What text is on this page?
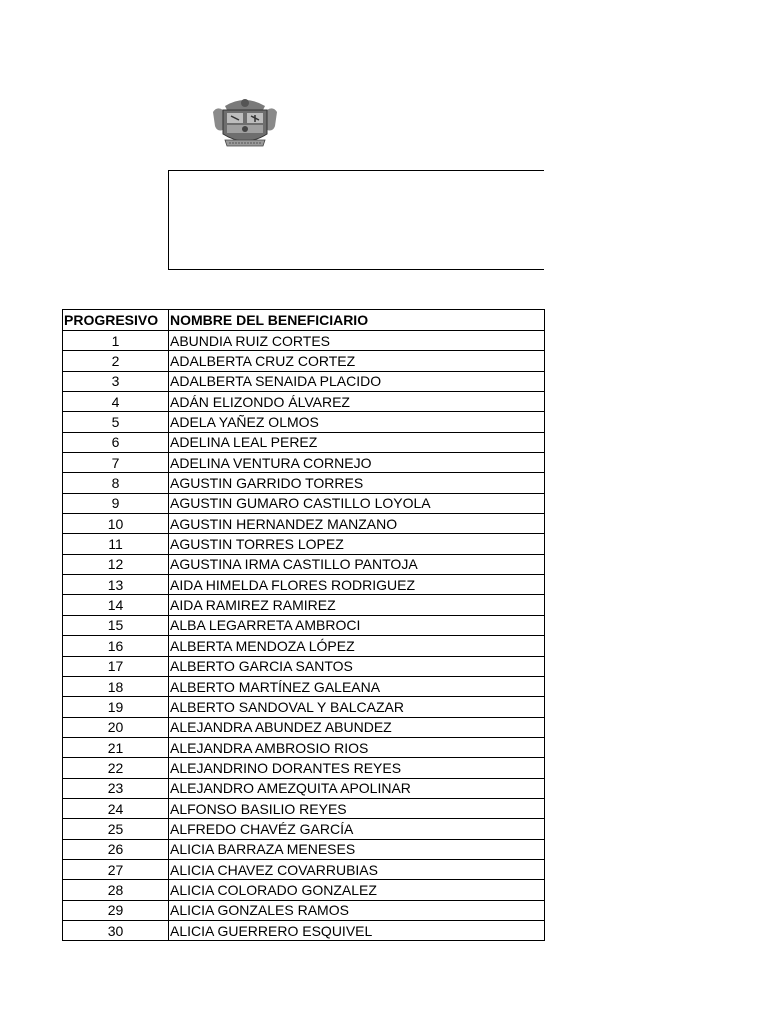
PROGRESIVO	NOMBRE DEL BENEFICIARIO
1	ABUNDIA RUIZ CORTES
2	ADALBERTA CRUZ CORTEZ
3	ADALBERTA SENAIDA PLACIDO
4	ADÁN ELIZONDO ÁLVAREZ
5	ADELA YAÑEZ OLMOS
6	ADELINA LEAL PEREZ
7	ADELINA VENTURA CORNEJO
8	AGUSTIN GARRIDO TORRES
9	AGUSTIN GUMARO CASTILLO LOYOLA
10	AGUSTIN HERNANDEZ MANZANO
11	AGUSTIN TORRES LOPEZ
12	AGUSTINA IRMA CASTILLO PANTOJA
13	AIDA HIMELDA FLORES RODRIGUEZ
14	AIDA RAMIREZ RAMIREZ
15	ALBA LEGARRETA AMBROCI
16	ALBERTA MENDOZA LÓPEZ
17	ALBERTO GARCIA SANTOS
18	ALBERTO MARTÍNEZ GALEANA
19	ALBERTO SANDOVAL Y BALCAZAR
20	ALEJANDRA ABUNDEZ ABUNDEZ
21	ALEJANDRA AMBROSIO RIOS
22	ALEJANDRINO DORANTES REYES
23	ALEJANDRO AMEZQUITA APOLINAR
24	ALFONSO BASILIO REYES
25	ALFREDO CHAVÉZ GARCÍA
26	ALICIA BARRAZA MENESES
27	ALICIA CHAVEZ COVARRUBIAS
28	ALICIA COLORADO GONZALEZ
29	ALICIA GONZALES RAMOS
30	ALICIA GUERRERO ESQUIVEL
